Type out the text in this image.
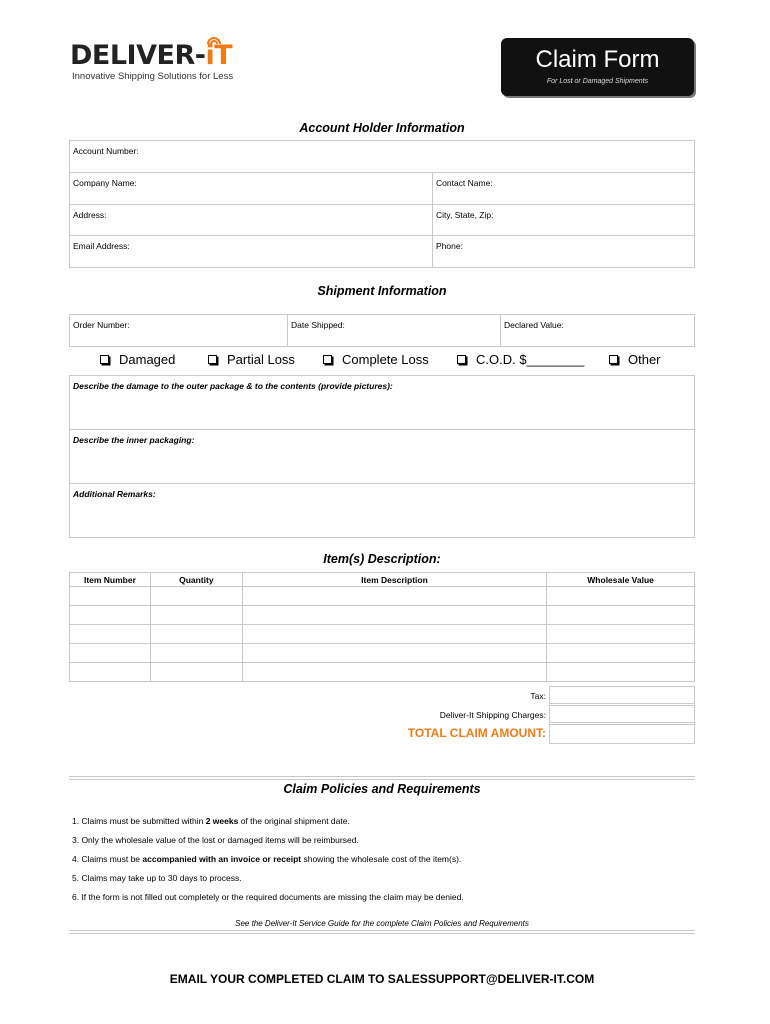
DELIVER-iT
Innovative Shipping Solutions for Less
Claim Form
For Lost or Damaged Shipments
Account Holder Information
Account Number:
Company Name:	Contact Name:
Address:	City, State, Zip:
Email Address:	Phone:
Shipment Information
Order Number:	Date Shipped:	Declared Value:
Damaged	Partial Loss	Complete Loss	C.O.D. $________	Other
Describe the damage to the outer package & to the contents (provide pictures):
Describe the inner packaging:
Additional Remarks:
Item(s) Description:
Item Number	Quantity	Item Description	Wholesale Value

Tax:
Deliver-It Shipping Charges:
TOTAL CLAIM AMOUNT:
Claim Policies and Requirements

1. Claims must be submitted within 2 weeks of the original shipment date.

3. Only the wholesale value of the lost or damaged items will be reimbursed.

4. Claims must be accompanied with an invoice or receipt showing the wholesale cost of the item(s).

5. Claims may take up to 30 days to process.

6. If the form is not filled out completely or the required documents are missing the claim may be denied.

See the Deliver-It Service Guide for the complete Claim Policies and Requirements
EMAIL YOUR COMPLETED CLAIM TO SALESSUPPORT@DELIVER-IT.COM
